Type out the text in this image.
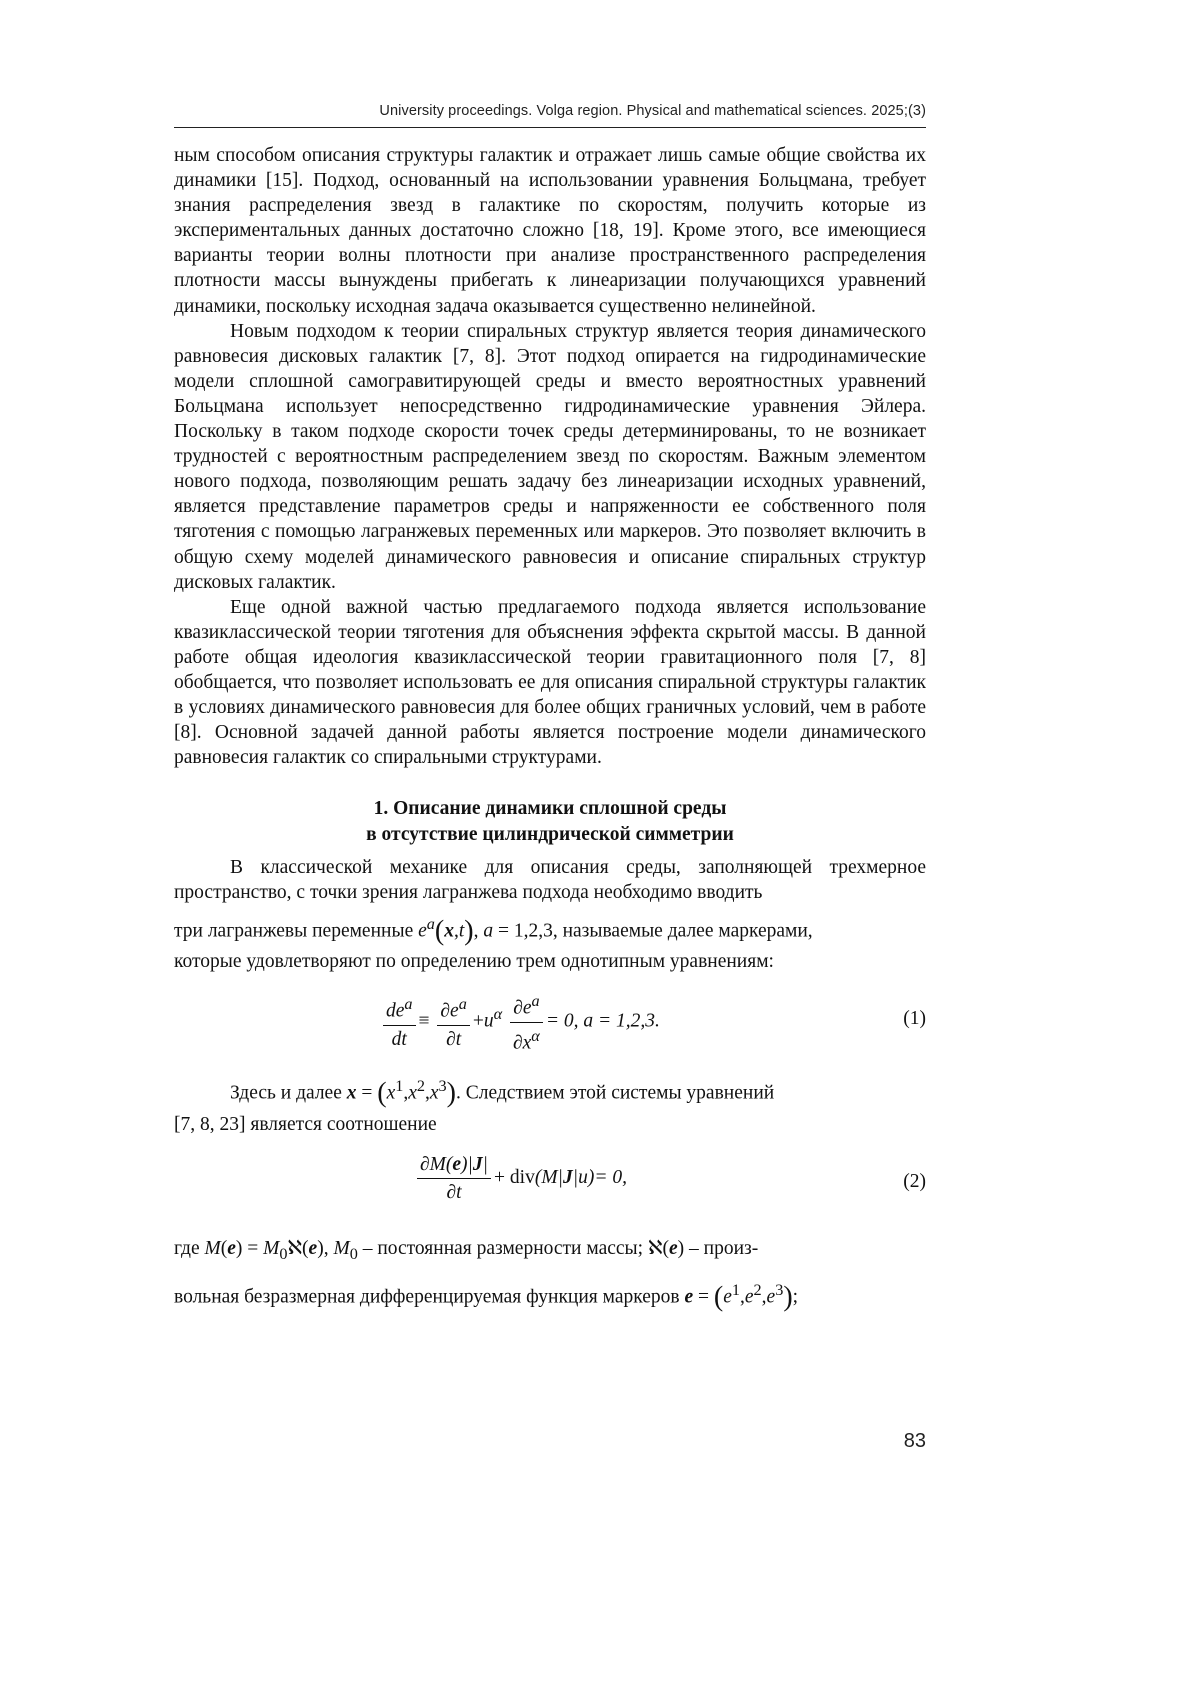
University proceedings. Volga region. Physical and mathematical sciences. 2025;(3)

ным способом описания структуры галактик и отражает лишь самые общие свойства их динамики [15]. Подход, основанный на использовании уравнения Больцмана, требует знания распределения звезд в галактике по скоростям, получить которые из экспериментальных данных достаточно сложно [18, 19]. Кроме этого, все имеющиеся варианты теории волны плотности при анализе пространственного распределения плотности массы вынуждены прибегать к линеаризации получающихся уравнений динамики, поскольку исходная задача оказывается существенно нелинейной.

Новым подходом к теории спиральных структур является теория динамического равновесия дисковых галактик [7, 8]. Этот подход опирается на гидродинамические модели сплошной самогравитирующей среды и вместо вероятностных уравнений Больцмана использует непосредственно гидродинамические уравнения Эйлера. Поскольку в таком подходе скорости точек среды детерминированы, то не возникает трудностей с вероятностным распределением звезд по скоростям. Важным элементом нового подхода, позволяющим решать задачу без линеаризации исходных уравнений, является представление параметров среды и напряженности ее собственного поля тяготения с помощью лагранжевых переменных или маркеров. Это позволяет включить в общую схему моделей динамического равновесия и описание спиральных структур дисковых галактик.

Еще одной важной частью предлагаемого подхода является использование квазиклассической теории тяготения для объяснения эффекта скрытой массы. В данной работе общая идеология квазиклассической теории гравитационного поля [7, 8] обобщается, что позволяет использовать ее для описания спиральной структуры галактик в условиях динамического равновесия для более общих граничных условий, чем в работе [8]. Основной задачей данной работы является построение модели динамического равновесия галактик со спиральными структурами.

1. Описание динамики сплошной среды
в отсутствие цилиндрической симметрии

В классической механике для описания среды, заполняющей трехмерное пространство, с точки зрения лагранжева подхода необходимо вводить

три лагранжевы переменные $e^a(x,t)$, a = 1,2,3, называемые далее маркерами,

которые удовлетворяют по определению трем однотипным уравнениям:

$\frac{de^a}{dt} \equiv \frac{\partial e^a}{\partial t} +u^\alpha \frac{\partial e^a}{\partial x^\alpha} = 0$, a = 1,2,3.	(1)

Здесь и далее $x = (x^1,x^2,x^3)$. Следствием этой системы уравнений

[7, 8, 23] является соотношение

$\frac{\partial M(e)|J|}{\partial t} + div(M|J|u)= 0$,	(2)

где $M(e) = M_0ℵ(e)$, $M_0$ – постоянная размерности массы; ℵ(e) – произ-

вольная безразмерная дифференцируемая функция маркеров $e = (e^1,e^2,e^3)$;

83
